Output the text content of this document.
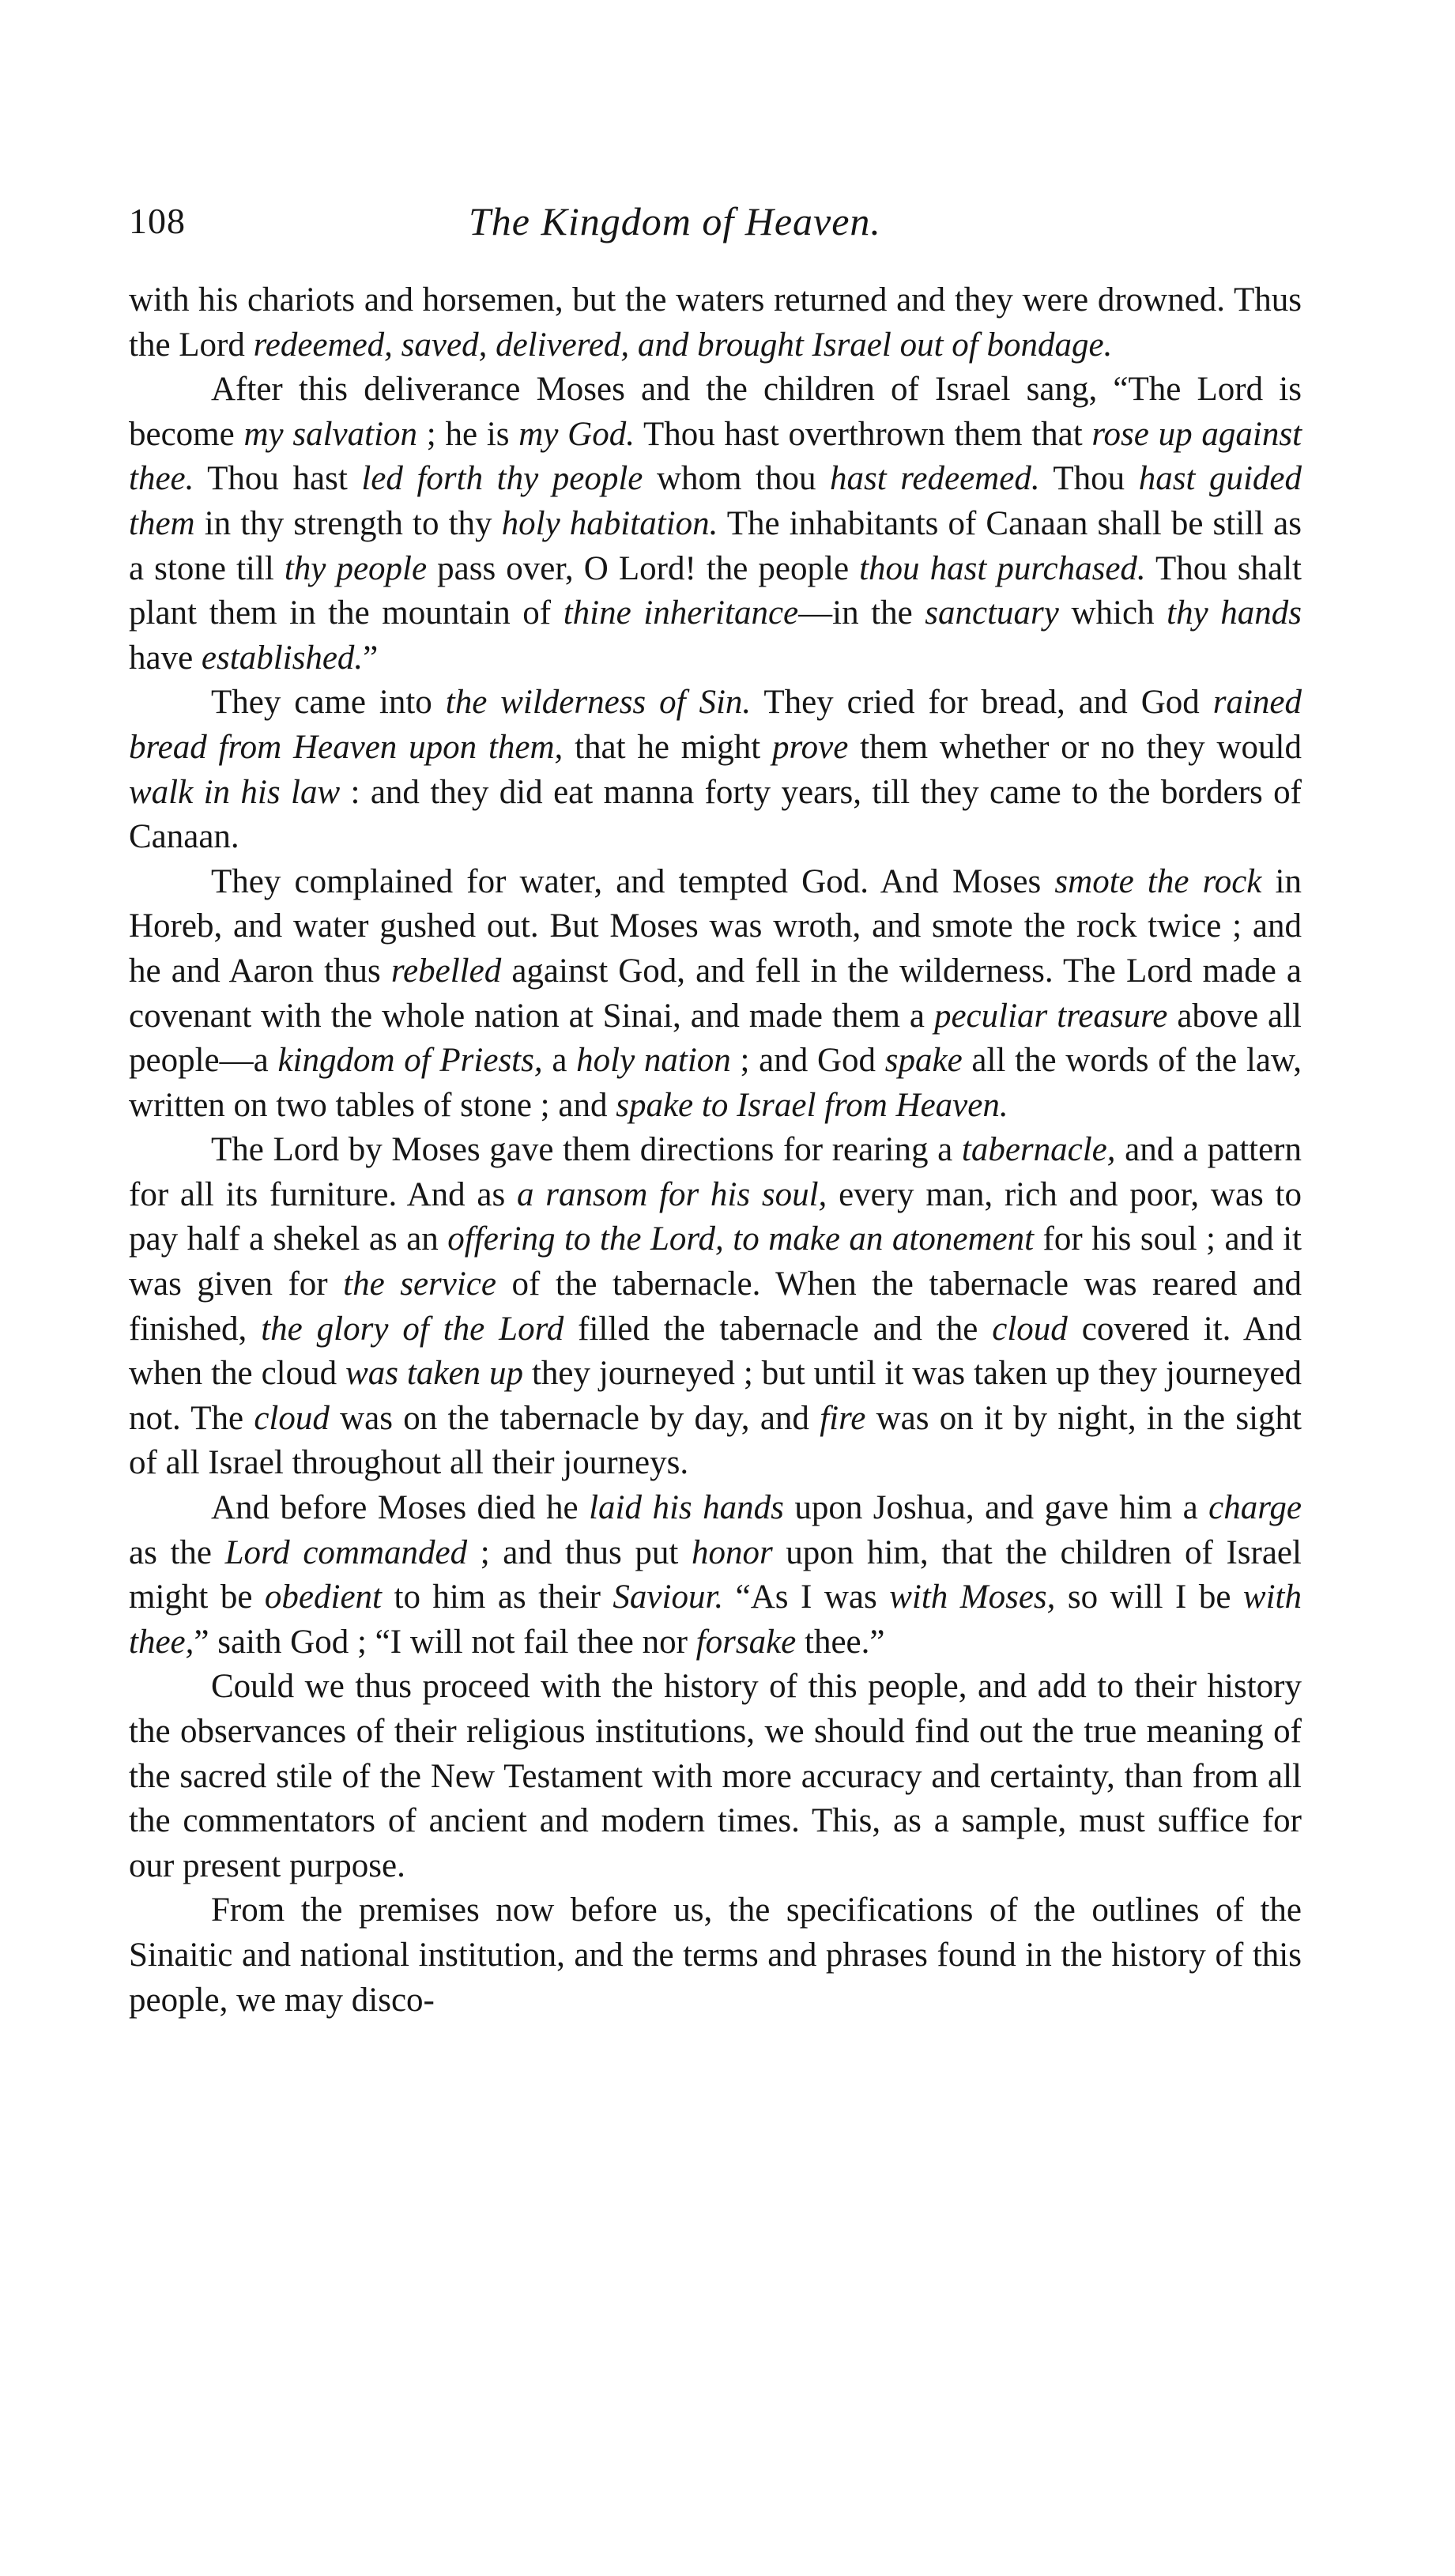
108	The Kingdom of Heaven.

with his chariots and horsemen, but the waters returned and they were drowned. Thus the Lord redeemed, saved, delivered, and brought Israel out of bondage.

After this deliverance Moses and the children of Israel sang, “The Lord is become my salvation ; he is my God. Thou hast overthrown them that rose up against thee. Thou hast led forth thy people whom thou hast redeemed. Thou hast guided them in thy strength to thy holy habitation. The inhabitants of Canaan shall be still as a stone till thy people pass over, O Lord! the people thou hast purchased. Thou shalt plant them in the mountain of thine inheritance—in the sanctuary which thy hands have established.”

They came into the wilderness of Sin. They cried for bread, and God rained bread from Heaven upon them, that he might prove them whether or no they would walk in his law : and they did eat manna forty years, till they came to the borders of Canaan.

They complained for water, and tempted God. And Moses smote the rock in Horeb, and water gushed out. But Moses was wroth, and smote the rock twice ; and he and Aaron thus rebelled against God, and fell in the wilderness. The Lord made a covenant with the whole nation at Sinai, and made them a peculiar treasure above all people—a kingdom of Priests, a holy nation ; and God spake all the words of the law, written on two tables of stone ; and spake to Israel from Heaven.

The Lord by Moses gave them directions for rearing a tabernacle, and a pattern for all its furniture. And as a ransom for his soul, every man, rich and poor, was to pay half a shekel as an offering to the Lord, to make an atonement for his soul ; and it was given for the service of the tabernacle. When the tabernacle was reared and finished, the glory of the Lord filled the tabernacle and the cloud covered it. And when the cloud was taken up they journeyed ; but until it was taken up they journeyed not. The cloud was on the tabernacle by day, and fire was on it by night, in the sight of all Israel throughout all their journeys.

And before Moses died he laid his hands upon Joshua, and gave him a charge as the Lord commanded ; and thus put honor upon him, that the children of Israel might be obedient to him as their Saviour. “As I was with Moses, so will I be with thee,” saith God ; “I will not fail thee nor forsake thee.”

Could we thus proceed with the history of this people, and add to their history the observances of their religious institutions, we should find out the true meaning of the sacred stile of the New Testament with more accuracy and certainty, than from all the commentators of ancient and modern times. This, as a sample, must suffice for our present purpose.

From the premises now before us, the specifications of the outlines of the Sinaitic and national institution, and the terms and phrases found in the history of this people, we may disco-
